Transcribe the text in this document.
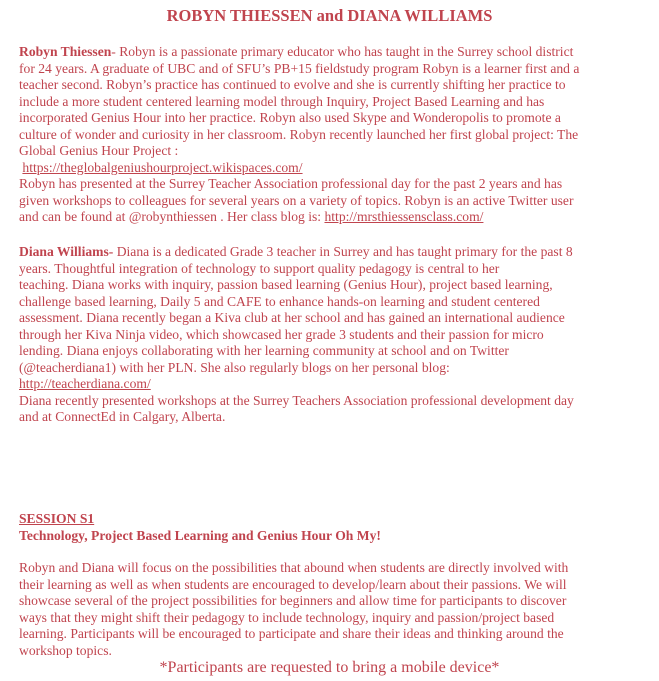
ROBYN THIESSEN and DIANA WILLIAMS
Robyn Thiessen- Robyn is a passionate primary educator who has taught in the Surrey school district
for 24 years. A graduate of UBC and of SFU’s PB+15 fieldstudy program Robyn is a learner first and a
teacher second. Robyn’s practice has continued to evolve and she is currently shifting her practice to
include a more student centered learning model through Inquiry, Project Based Learning and has
incorporated Genius Hour into her practice. Robyn also used Skype and Wonderopolis to promote a
culture of wonder and curiosity in her classroom. Robyn recently launched her first global project: The
Global Genius Hour Project :
https://theglobalgeniushourproject.wikispaces.com/
Robyn has presented at the Surrey Teacher Association professional day for the past 2 years and has
given workshops to colleagues for several years on a variety of topics. Robyn is an active Twitter user
and can be found at @robynthiessen . Her class blog is: http://mrsthiessensclass.com/
Diana Williams- Diana is a dedicated Grade 3 teacher in Surrey and has taught primary for the past 8
years. Thoughtful integration of technology to support quality pedagogy is central to her
teaching. Diana works with inquiry, passion based learning (Genius Hour), project based learning,
challenge based learning, Daily 5 and CAFE to enhance hands-on learning and student centered
assessment. Diana recently began a Kiva club at her school and has gained an international audience
through her Kiva Ninja video, which showcased her grade 3 students and their passion for micro
lending. Diana enjoys collaborating with her learning community at school and on Twitter
(@teacherdiana1) with her PLN. She also regularly blogs on her personal blog:
http://teacherdiana.com/
Diana recently presented workshops at the Surrey Teachers Association professional development day
and at ConnectEd in Calgary, Alberta.
SESSION S1
Technology, Project Based Learning and Genius Hour Oh My!
Robyn and Diana will focus on the possibilities that abound when students are directly involved with
their learning as well as when students are encouraged to develop/learn about their passions. We will
showcase several of the project possibilities for beginners and allow time for participants to discover
ways that they might shift their pedagogy to include technology, inquiry and passion/project based
learning. Participants will be encouraged to participate and share their ideas and thinking around the
workshop topics.
*Participants are requested to bring a mobile device*
